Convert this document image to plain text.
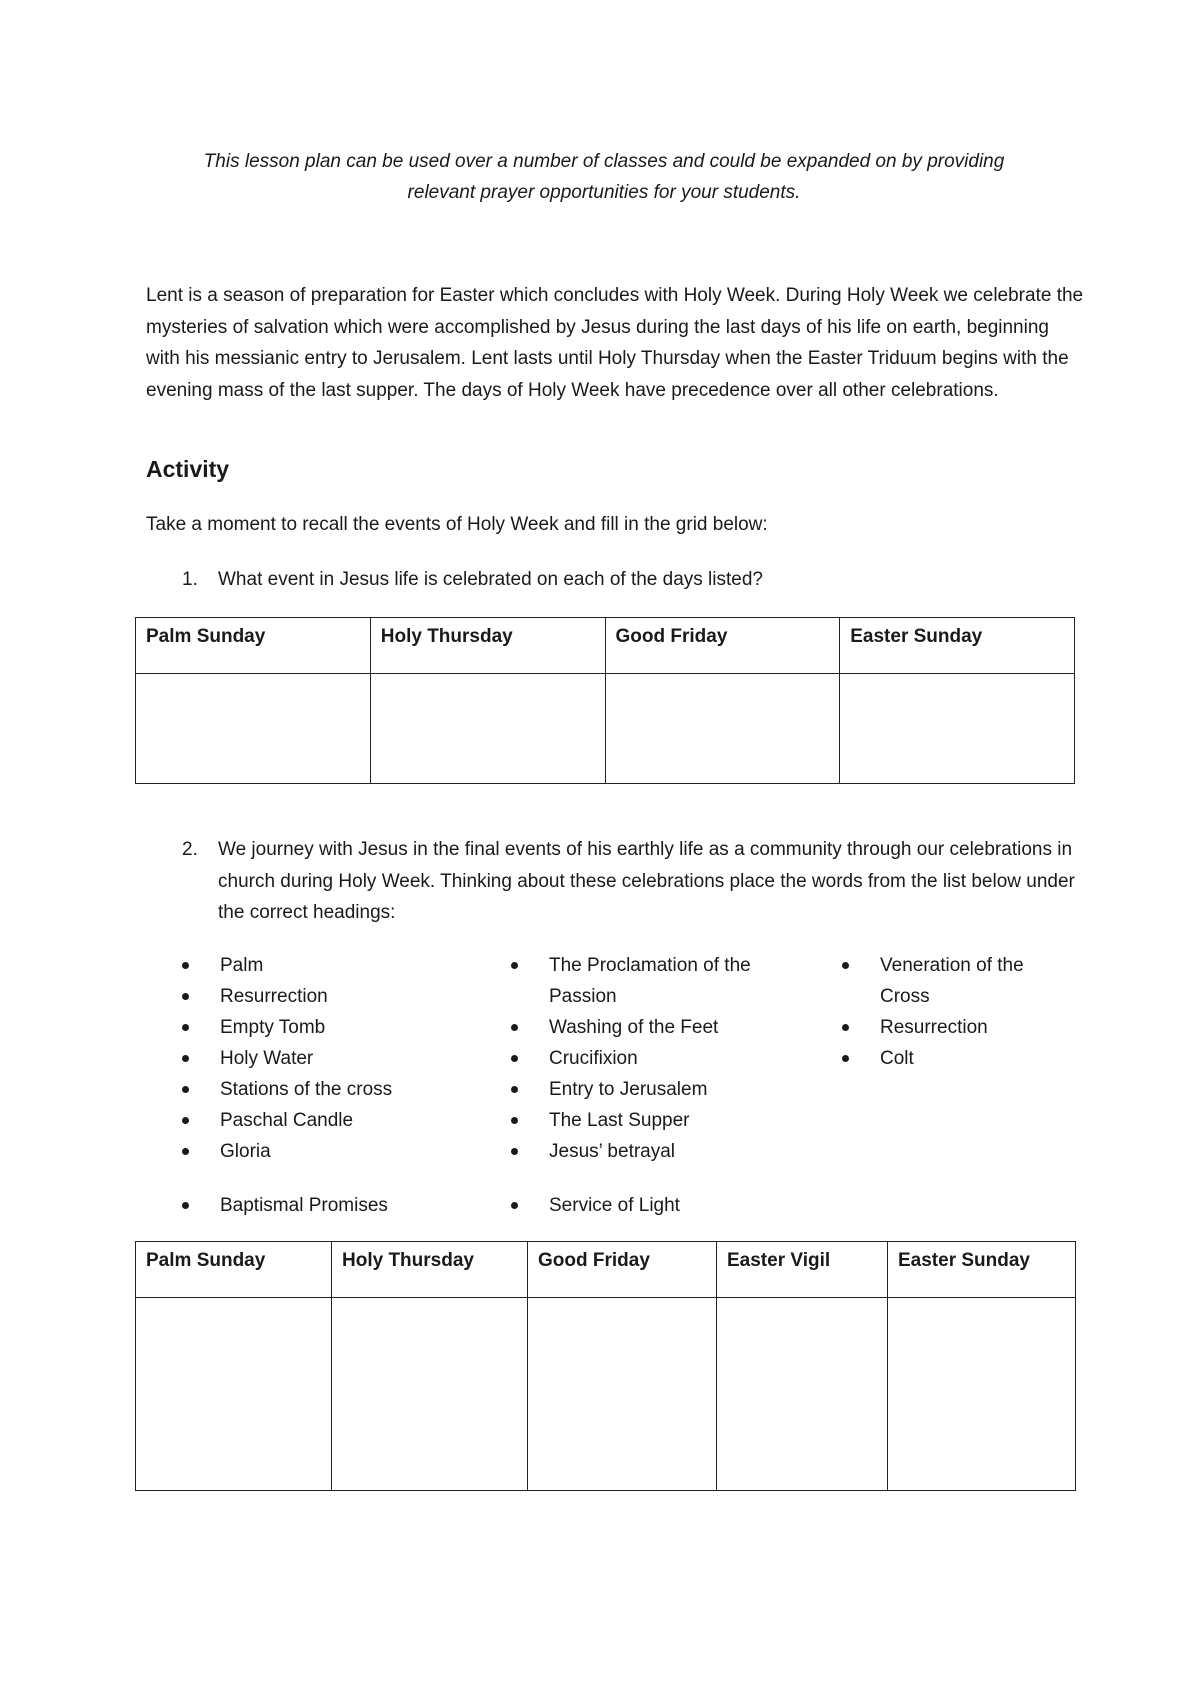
This lesson plan can be used over a number of classes and could be expanded on by providing

relevant prayer opportunities for your students.

Lent is a season of preparation for Easter which concludes with Holy Week. During Holy Week we celebrate the mysteries of salvation which were accomplished by Jesus during the last days of his life on earth, beginning with his messianic entry to Jerusalem. Lent lasts until Holy Thursday when the Easter Triduum begins with the evening mass of the last supper. The days of Holy Week have precedence over all other celebrations.

Activity

Take a moment to recall the events of Holy Week and fill in the grid below:

1. What event in Jesus life is celebrated on each of the days listed?
Palm Sunday	Holy Thursday	Good Friday	Easter Sunday

2. We journey with Jesus in the final events of his earthly life as a community through our celebrations in church during Holy Week. Thinking about these celebrations place the words from the list below under the correct headings:
Palm
Resurrection
Empty Tomb
Holy Water
Stations of the cross
Paschal Candle
Gloria
The Proclamation of the Passion
Washing of the Feet
Crucifixion
Entry to Jerusalem
The Last Supper
Jesus’ betrayal
Veneration of the Cross
Resurrection
Colt
Baptismal Promises	Service of Light
Palm Sunday	Holy Thursday	Good Friday	Easter Vigil	Easter Sunday
